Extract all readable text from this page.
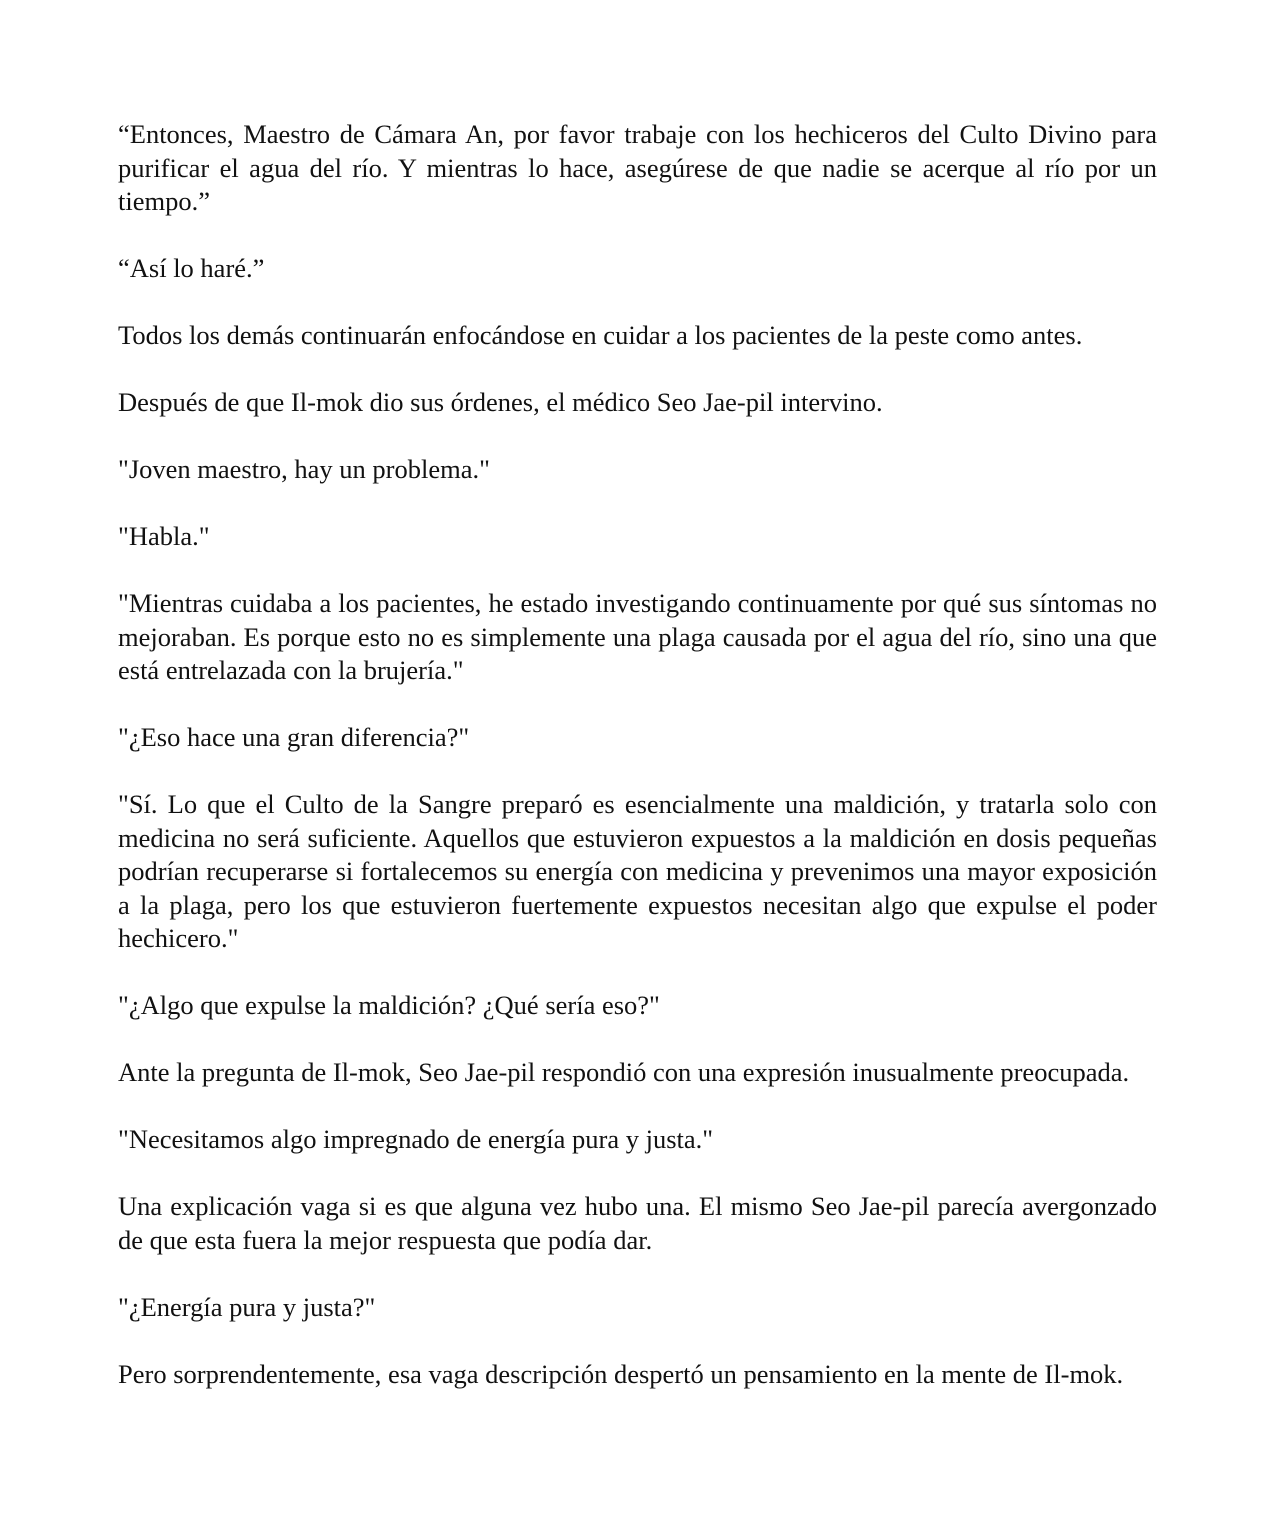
“Entonces, Maestro de Cámara An, por favor trabaje con los hechiceros del Culto Divino para purificar el agua del río. Y mientras lo hace, asegúrese de que nadie se acerque al río por un tiempo.”

“Así lo haré.”

Todos los demás continuarán enfocándose en cuidar a los pacientes de la peste como antes.

Después de que Il-mok dio sus órdenes, el médico Seo Jae-pil intervino.

"Joven maestro, hay un problema."

"Habla."

"Mientras cuidaba a los pacientes, he estado investigando continuamente por qué sus síntomas no mejoraban. Es porque esto no es simplemente una plaga causada por el agua del río, sino una que está entrelazada con la brujería."

"¿Eso hace una gran diferencia?"

"Sí. Lo que el Culto de la Sangre preparó es esencialmente una maldición, y tratarla solo con medicina no será suficiente. Aquellos que estuvieron expuestos a la maldición en dosis pequeñas podrían recuperarse si fortalecemos su energía con medicina y prevenimos una mayor exposición a la plaga, pero los que estuvieron fuertemente expuestos necesitan algo que expulse el poder hechicero."

"¿Algo que expulse la maldición? ¿Qué sería eso?"

Ante la pregunta de Il-mok, Seo Jae-pil respondió con una expresión inusualmente preocupada.

"Necesitamos algo impregnado de energía pura y justa."

Una explicación vaga si es que alguna vez hubo una. El mismo Seo Jae-pil parecía avergonzado de que esta fuera la mejor respuesta que podía dar.

"¿Energía pura y justa?"

Pero sorprendentemente, esa vaga descripción despertó un pensamiento en la mente de Il-mok.
